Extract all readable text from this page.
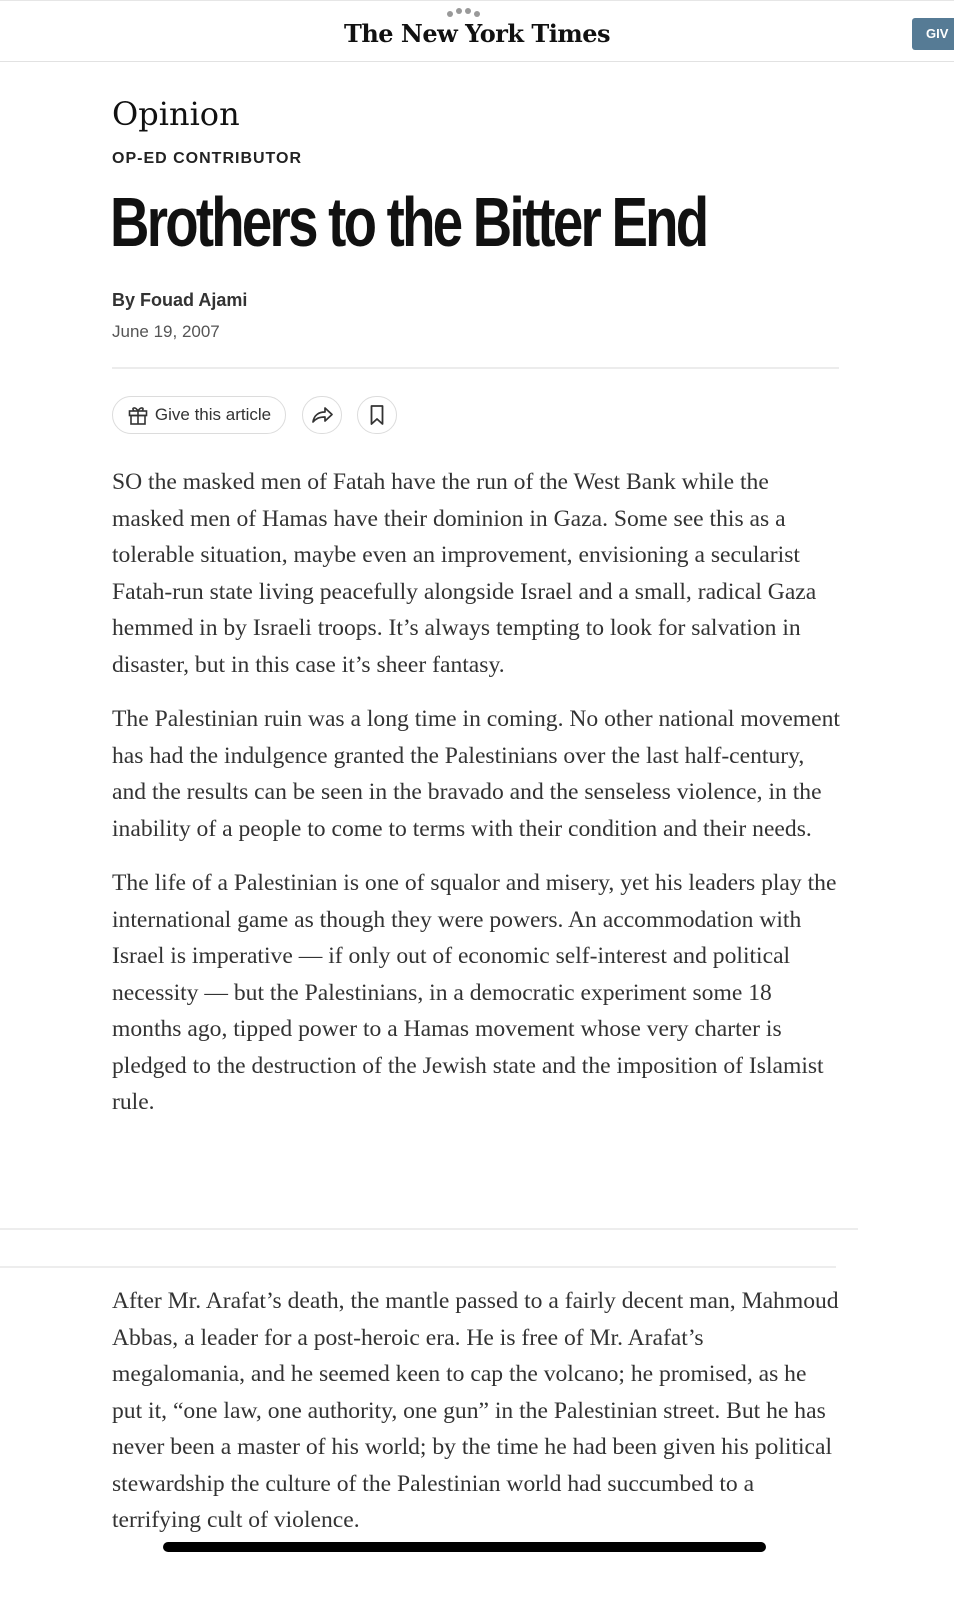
The New York Times	GIV
Opinion
OP-ED CONTRIBUTOR
Brothers to the Bitter End
By Fouad Ajami
June 19, 2007
Give this article

SO the masked men of Fatah have the run of the West Bank while the masked men of Hamas have their dominion in Gaza. Some see this as a tolerable situation, maybe even an improvement, envisioning a secularist Fatah-run state living peacefully alongside Israel and a small, radical Gaza hemmed in by Israeli troops. It’s always tempting to look for salvation in disaster, but in this case it’s sheer fantasy.

The Palestinian ruin was a long time in coming. No other national movement has had the indulgence granted the Palestinians over the last half-century, and the results can be seen in the bravado and the senseless violence, in the inability of a people to come to terms with their condition and their needs.

The life of a Palestinian is one of squalor and misery, yet his leaders play the international game as though they were powers. An accommodation with Israel is imperative — if only out of economic self-interest and political necessity — but the Palestinians, in a democratic experiment some 18 months ago, tipped power to a Hamas movement whose very charter is pledged to the destruction of the Jewish state and the imposition of Islamist rule.

After Mr. Arafat’s death, the mantle passed to a fairly decent man, Mahmoud Abbas, a leader for a post-heroic era. He is free of Mr. Arafat’s megalomania, and he seemed keen to cap the volcano; he promised, as he put it, “one law, one authority, one gun” in the Palestinian street. But he has never been a master of his world; by the time he had been given his political stewardship the culture of the Palestinian world had succumbed to a terrifying cult of violence.
